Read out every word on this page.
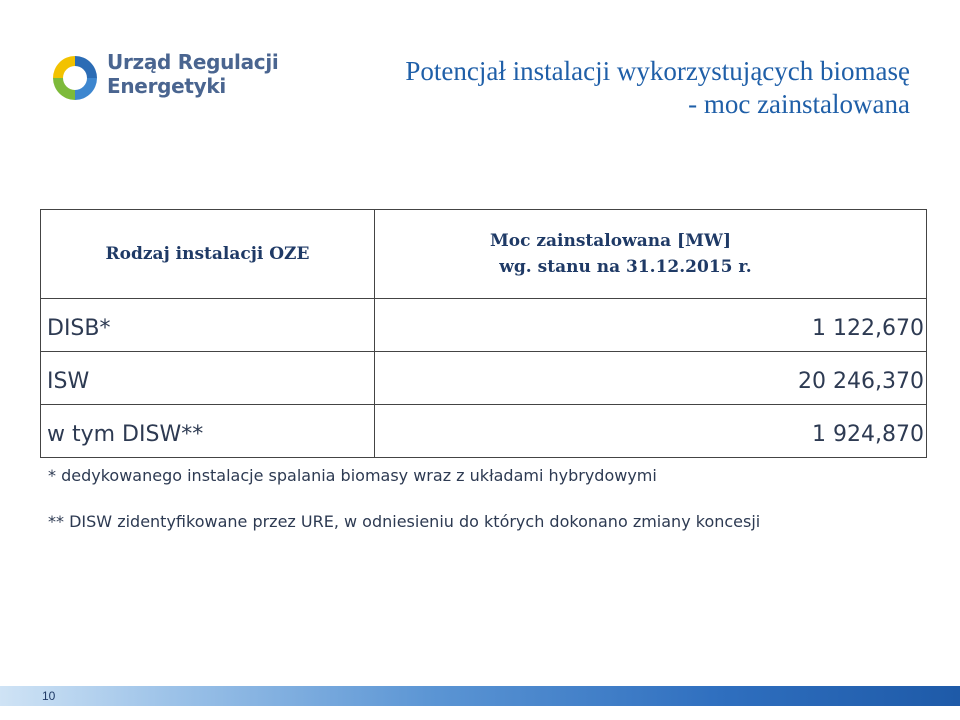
Urząd Regulacji
Energetyki	Potencjał instalacji wykorzystujących biomasę
- moc zainstalowana
Rodzaj instalacji OZE	Moc zainstalowana [MW]
wg. stanu na 31.12.2015 r.

DISB*	1 122,670
ISW	20 246,370
w tym DISW**	1 924,870
* dedykowanego instalacje spalania biomasy wraz z układami hybrydowymi
** DISW zidentyfikowane przez URE, w odniesieniu do których dokonano zmiany koncesji
10
